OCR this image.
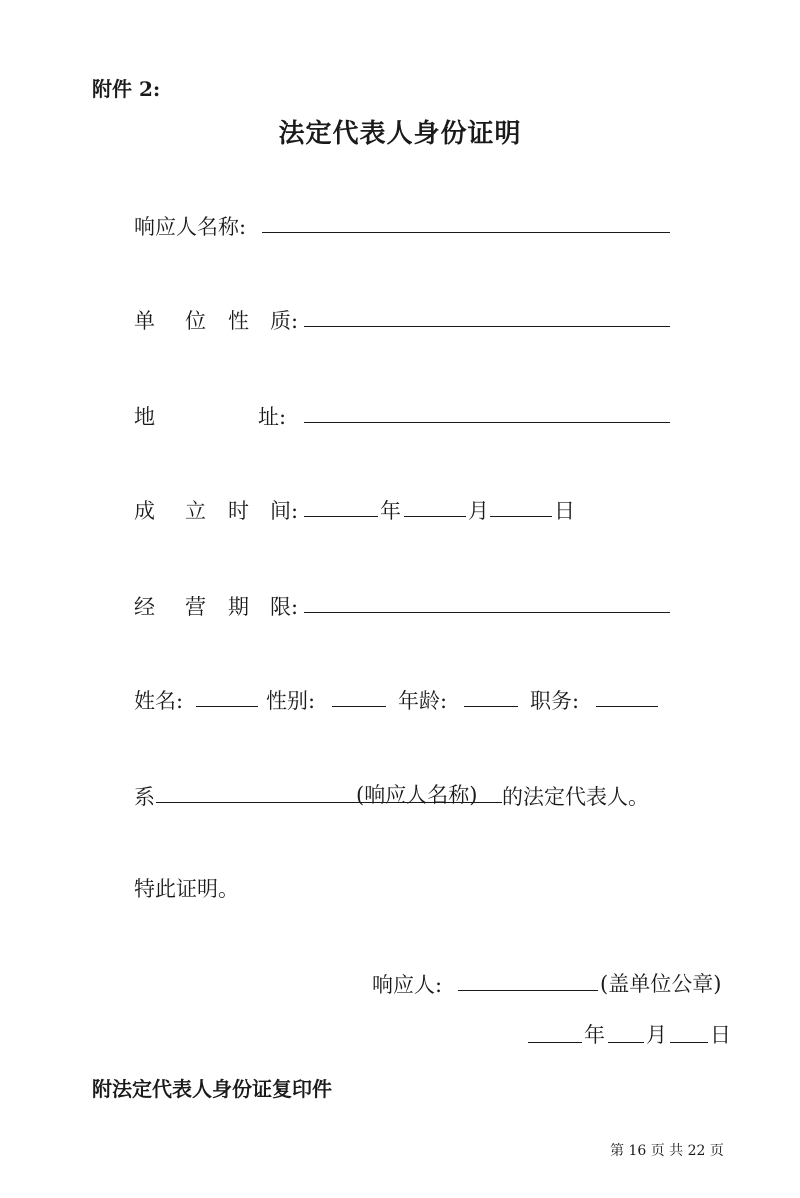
附件 2:
法定代表人身份证明
响应人名称:
单 位 性 质:
地	址:
成 立 时 间:	年	月	日
经 营 期 限:
姓名:	性别:	年龄:	职务:
系	(响应人名称) 的法定代表人。
特此证明。
响应人:	(盖单位公章)
年 月 日
附法定代表人身份证复印件
第 16 页 共 22 页
